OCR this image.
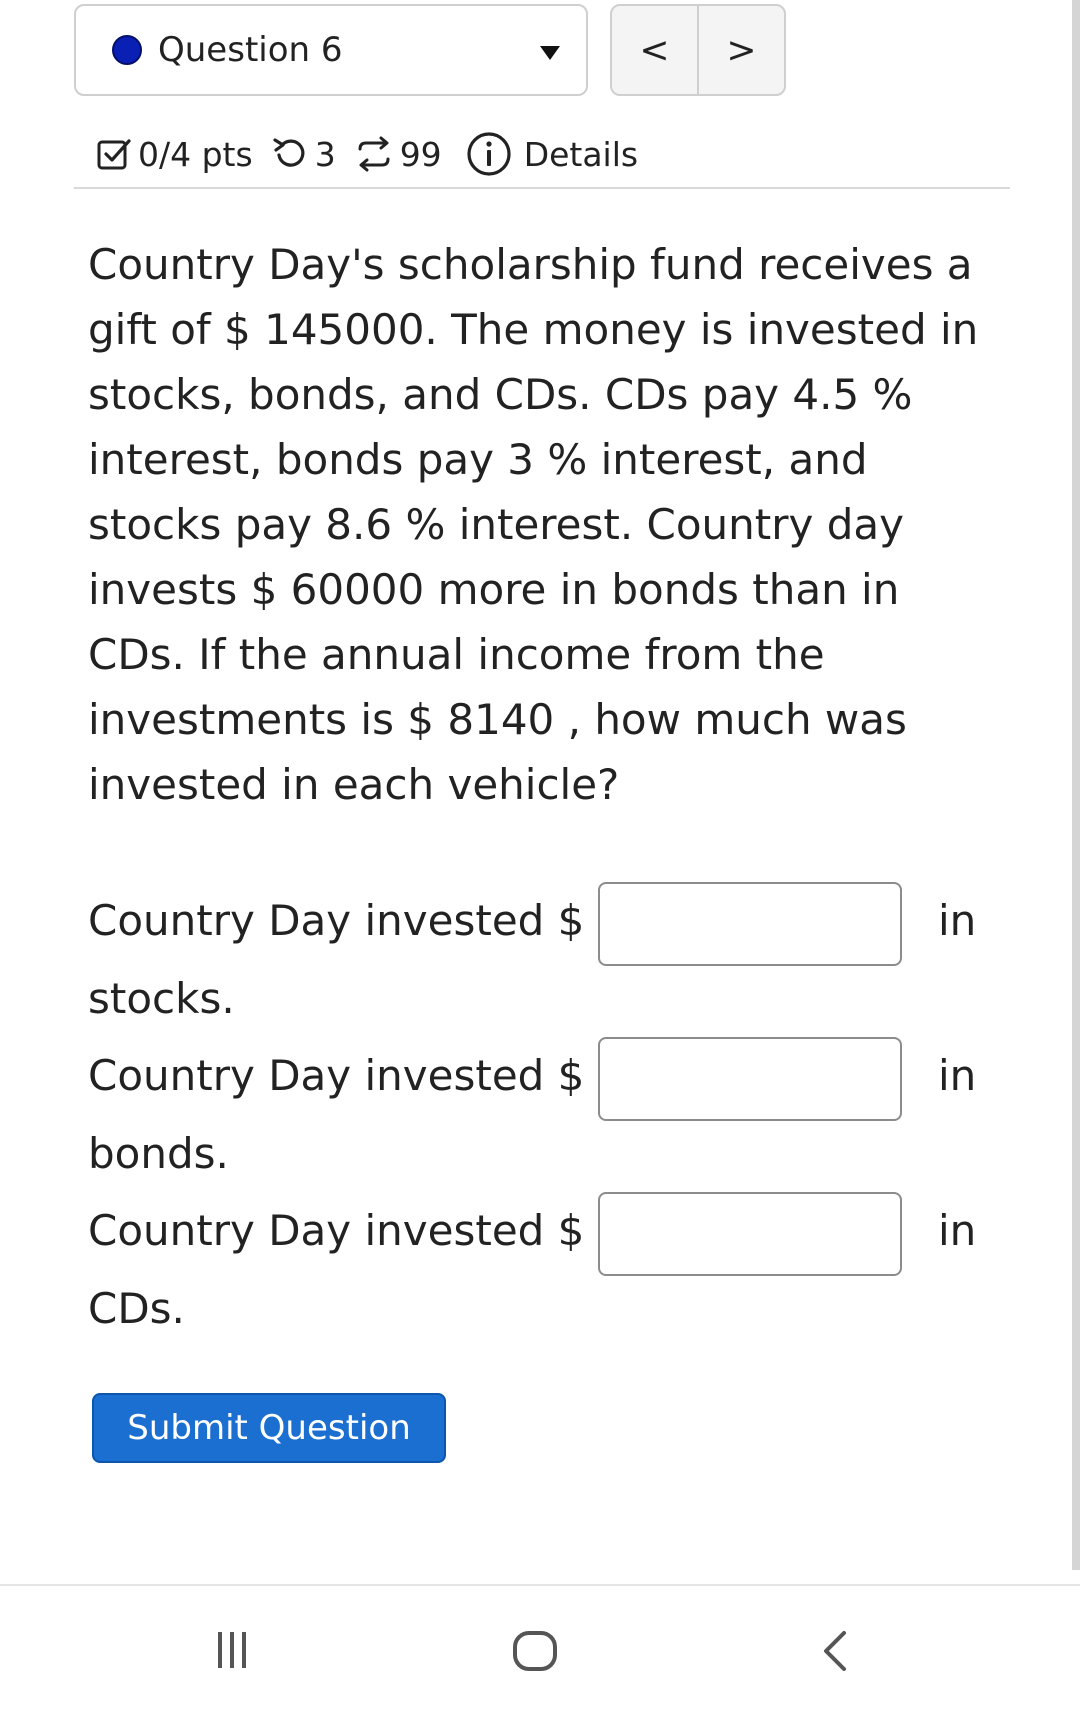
Question 6	<	>
0/4 pts 3 99 Details
Country Day's scholarship fund receives a gift of $ 145000. The money is invested in stocks, bonds, and CDs. CDs pay 4.5 % interest, bonds pay 3 % interest, and stocks pay 8.6 % interest. Country day invests $ 60000 more in bonds than in CDs. If the annual income from the investments is $ 8140 , how much was invested in each vehicle?
Country Day invested $	in
stocks.
Country Day invested $	in
bonds.
Country Day invested $	in
CDs.
Submit Question
